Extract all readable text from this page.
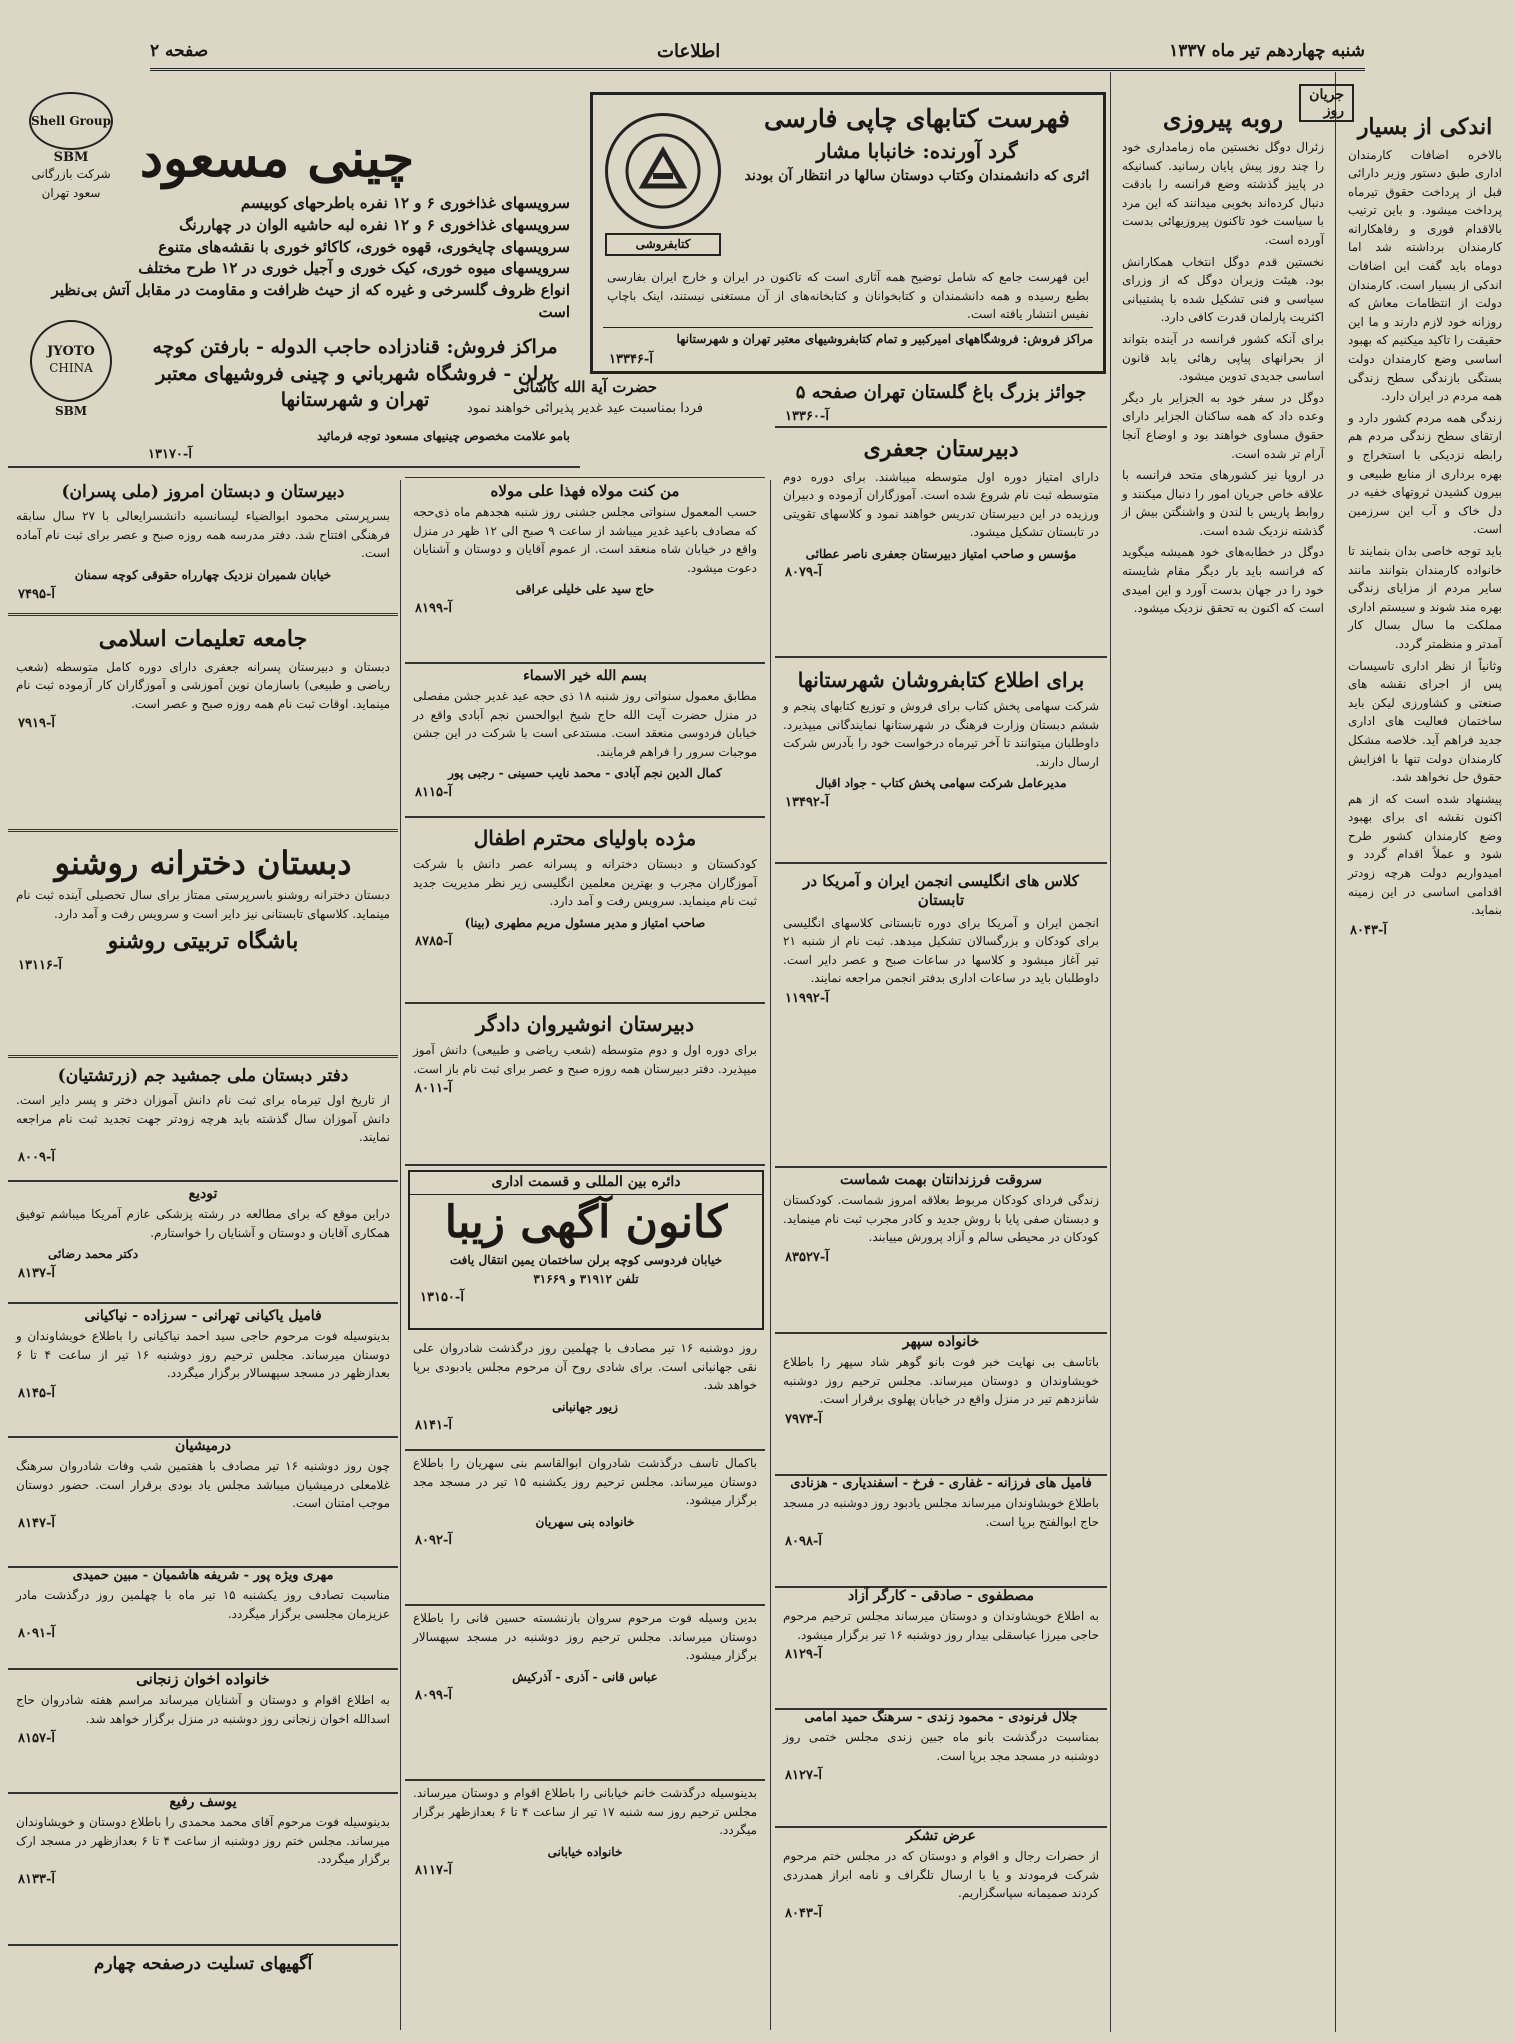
شنبه چهاردهم تیر ماه ۱۳۳۷
اطلاعات
صفحه ۲
جریان روز
اندکی از بسیار

بالاخره اضافات کارمندان اداری طبق دستور وزیر دارائی قبل از پرداخت حقوق تیرماه پرداخت میشود. و باین ترتیب بالاقدام فوری و رفاهکارانه کارمندان برداشته شد اما دوماه باید گفت این اضافات اندکی از بسیار است. کارمندان دولت از انتظامات معاش که روزانه خود لازم دارند و ما این حقیقت را تاکید میکنیم که بهبود اساسی وضع کارمندان دولت بستگی بازندگی سطح زندگی همه مردم در ایران دارد.

زندگی همه مردم کشور دارد و ارتقای سطح زندگی مردم هم رابطه نزدیکی با استخراج و بهره برداری از منابع طبیعی و بیرون کشیدن ثروتهای خفیه در دل خاک و آب این سرزمین است.

باید توجه خاصی بدان بنمایند تا خانواده کارمندان بتوانند مانند سایر مردم از مزایای زندگی بهره مند شوند و سیستم اداری مملکت ما سال بسال کار آمدتر و منظمتر گردد.

وثانیاً از نظر اداری تاسیسات پس از اجرای نقشه های صنعتی و کشاورزی لیکن باید ساختمان فعالیت های اداری جدید فراهم آید. خلاصه مشکل کارمندان دولت تنها با افزایش حقوق حل نخواهد شد.

پیشنهاد شده است که از هم اکنون نقشه ای برای بهبود وضع کارمندان کشور طرح شود و عملاً اقدام گردد و امیدواریم دولت هرچه زودتر اقدامی اساسی در این زمینه بنماید.

آ-۸۰۴۳
روبه پیروزی

زئرال دوگل نخستین ماه زمامداری خود را چند روز پیش پایان رسانید. کسانیکه در پاییز گذشته وضع فرانسه را بادقت دنبال کرده‌اند بخوبی میدانند که این مرد با سیاست خود تاکنون پیروزیهائی بدست آورده است.

نخستین قدم دوگل انتخاب همکارانش بود. هیئت وزیران دوگل که از وزرای سیاسی و فنی تشکیل شده با پشتیبانی اکثریت پارلمان قدرت کافی دارد.

برای آنکه کشور فرانسه در آینده بتواند از بحرانهای پیاپی رهائی یابد قانون اساسی جدیدی تدوین میشود.

دوگل در سفر خود به الجزایر بار دیگر وعده داد که همه ساکنان الجزایر دارای حقوق مساوی خواهند بود و اوضاع آنجا آرام تر شده است.

در اروپا نیز کشورهای متحد فرانسه با علاقه خاص جریان امور را دنبال میکنند و روابط پاریس با لندن و واشنگتن بیش از گذشته نزدیک شده است.

دوگل در خطابه‌های خود همیشه میگوید که فرانسه باید بار دیگر مقام شایسته خود را در جهان بدست آورد و این امیدی است که اکنون به تحقق نزدیک میشود.

کتابفروشی
فهرست کتابهای چاپی فارسی
گرد آورنده: خانبابا مشار
اثری که دانشمندان وکتاب دوستان سالها در انتظار آن بودند

این فهرست جامع که شامل توضیح همه آثاری است که تاکنون در ایران و خارج ایران بفارسی بطبع رسیده و همه دانشمندان و کتابخوانان و کتابخانه‌های از آن مستغنی نیستند، اینک باچاپ نفیس انتشار یافته است.

مراکز فروش: فروشگاههای امیرکبیر و تمام کتابفروشیهای معتبر تهران و شهرستانها
آ-۱۳۳۴۶
Shell Group
SBM
شرکت بازرگانی سعود تهران
چینی مسعود
سرویسهای غذاخوری ۶ و ۱۲ نفره باطرحهای کوبیسم
سرویسهای غذاخوری ۶ و ۱۲ نفره لبه حاشیه الوان در چهاررنگ
سرویسهای چایخوری، قهوه خوری، کاکائو خوری با نقشه‌های متنوع
سرویسهای میوه خوری، کیک خوری و آجیل خوری در ۱۲ طرح مختلف
انواع ظروف گلسرخی و غیره که از حیث ظرافت و مقاومت در مقابل آتش بی‌نظیر است
JYOTO
CHINA
SBM
مراکز فروش: قنادزاده حاجب الدوله - بارفتن کوچه برلن - فروشگاه شهرباني و چینی فروشیهای معتبر تهران و شهرستانها
بامو علامت مخصوص چینیهای مسعود توجه فرمائید
آ-۱۳۱۷۰
جوائز بزرگ باغ گلستان تهران صفحه ۵
آ-۱۳۳۶۰
حضرت آیة الله کاشانی

فردا بمناسبت عید غدیر پذیرائی خواهند نمود

دبیرستان و دبستان امروز (ملی پسران)

بسرپرستی محمود ابوالضیاء لیسانسیه دانشسرایعالی با ۲۷ سال سابقه فرهنگی افتتاح شد. دفتر مدرسه همه روزه صبح و عصر برای ثبت نام آماده است.

خیابان شمیران نزدیک چهارراه حقوقی کوچه سمنان
آ-۷۴۹۵
جامعه تعلیمات اسلامی

دبستان و دبیرستان پسرانه جعفری دارای دوره کامل متوسطه (شعب ریاضی و طبیعی) باسازمان نوین آموزشی و آموزگاران کار آزموده ثبت نام مینماید. اوقات ثبت نام همه روزه صبح و عصر است.

آ-۷۹۱۹
دبستان دخترانه روشنو

دبستان دخترانه روشنو باسرپرستی ممتاز برای سال تحصیلی آینده ثبت نام مینماید. کلاسهای تابستانی نیز دایر است و سرویس رفت و آمد دارد.

باشگاه تربیتی روشنو
آ-۱۳۱۱۶
دفتر دبستان ملی جمشید جم (زرتشتیان)

از تاریخ اول تیرماه برای ثبت نام دانش آموزان دختر و پسر دایر است. دانش آموزان سال گذشته باید هرچه زودتر جهت تجدید ثبت نام مراجعه نمایند.

آ-۸۰۰۹
تودیع

دراین موقع که برای مطالعه در رشته پزشکی عازم آمریکا میباشم توفیق همکاری آقایان و دوستان و آشنایان را خواستارم.

دکتر محمد رضائی
آ-۸۱۳۷
فامیل یاکیانی تهرانی - سرزاده - نیاکیانی

بدینوسیله فوت مرحوم حاجی سید احمد نیاکیانی را باطلاع خویشاوندان و دوستان میرساند. مجلس ترحیم روز دوشنبه ۱۶ تیر از ساعت ۴ تا ۶ بعدازظهر در مسجد سپهسالار برگزار میگردد.

آ-۸۱۴۵
درمیشیان

چون روز دوشنبه ۱۶ تیر مصادف با هفتمین شب وفات شادروان سرهنگ غلامعلی درمیشیان میباشد مجلس یاد بودی برقرار است. حضور دوستان موجب امتنان است.

آ-۸۱۴۷
مهری ویژه پور - شریفه هاشمیان - مبین حمیدی

مناسبت تصادف روز یکشنبه ۱۵ تیر ماه با چهلمین روز درگذشت مادر عزیزمان مجلسی برگزار میگردد.

آ-۸۰۹۱
خانواده اخوان زنجانی

به اطلاع اقوام و دوستان و آشنایان میرساند مراسم هفته شادروان حاج اسدالله اخوان زنجانی روز دوشنبه در منزل برگزار خواهد شد.

آ-۸۱۵۷
یوسف رفیع

بدینوسیله فوت مرحوم آقای محمد محمدی را باطلاع دوستان و خویشاوندان میرساند. مجلس ختم روز دوشنبه از ساعت ۴ تا ۶ بعدازظهر در مسجد ارک برگزار میگردد.

آ-۸۱۳۳
آگهیهای تسلیت درصفحه چهارم
من کنت مولاه فهذا علی مولاه

حسب المعمول سنواتی مجلس جشنی روز شنبه هجدهم ماه ذی‌حجه که مصادف باعید غدیر میباشد از ساعت ۹ صبح الی ۱۲ ظهر در منزل واقع در خیابان شاه منعقد است. از عموم آقایان و دوستان و آشنایان دعوت میشود.

حاج سید علی خلیلی عراقی
آ-۸۱۹۹
بسم الله خیر الاسماء

مطابق معمول سنواتی روز شنبه ۱۸ ذی حجه عید غدیر جشن مفصلی در منزل حضرت آیت الله حاج شیخ ابوالحسن نجم آبادی واقع در خیابان فردوسی منعقد است. مستدعی است با شرکت در این جشن موجبات سرور را فراهم فرمایند.

کمال الدین نجم آبادی - محمد نایب حسینی - رجبی پور
آ-۸۱۱۵
مژده باولیای محترم اطفال

کودکستان و دبستان دخترانه و پسرانه عصر دانش با شرکت آموزگاران مجرب و بهترین معلمین انگلیسی زیر نظر مدیریت جدید ثبت نام مینماید. سرویس رفت و آمد دارد.

صاحب امتیاز و مدیر مسئول مریم مطهری (بینا)
آ-۸۷۸۵
دبیرستان انوشیروان دادگر

برای دوره اول و دوم متوسطه (شعب ریاضی و طبیعی) دانش آموز میپذیرد. دفتر دبیرستان همه روزه صبح و عصر برای ثبت نام باز است.

آ-۸۰۱۱
دائره بین المللی و قسمت اداری
کانون آگهی زیبا
خیابان فردوسی کوچه برلن ساختمان یمین انتقال یافت
تلفن ۳۱۹۱۲ و ۳۱۶۶۹
آ-۱۳۱۵۰

روز دوشنبه ۱۶ تیر مصادف با چهلمین روز درگذشت شادروان علی نقی جهانبانی است. برای شادی روح آن مرحوم مجلس یادبودی برپا خواهد شد.

زیور جهانبانی
آ-۸۱۴۱

باکمال تاسف درگذشت شادروان ابوالقاسم بنی سهریان را باطلاع دوستان میرساند. مجلس ترحیم روز یکشنبه ۱۵ تیر در مسجد مجد برگزار میشود.

خانواده بنی سهریان
آ-۸۰۹۲

بدین وسیله فوت مرحوم سروان بازنشسته حسین قانی را باطلاع دوستان میرساند. مجلس ترحیم روز دوشنبه در مسجد سپهسالار برگزار میشود.

عباس قانی - آذری - آذرکیش
آ-۸۰۹۹

بدینوسیله درگذشت خانم خیابانی را باطلاع اقوام و دوستان میرساند. مجلس ترحیم روز سه شنبه ۱۷ تیر از ساعت ۴ تا ۶ بعدازظهر برگزار میگردد.

خانواده خیابانی
آ-۸۱۱۷
دبیرستان جعفری

دارای امتیاز دوره اول متوسطه میباشند. برای دوره دوم متوسطه ثبت نام شروع شده است. آموزگاران آزموده و دبیران ورزیده در این دبیرستان تدریس خواهند نمود و کلاسهای تقویتی در تابستان تشکیل میشود.

مؤسس و صاحب امتیاز دبیرستان جعفری ناصر عطائی
آ-۸۰۷۹
برای اطلاع کتابفروشان شهرستانها

شرکت سهامی پخش کتاب برای فروش و توزیع کتابهای پنجم و ششم دبستان وزارت فرهنگ در شهرستانها نمایندگانی میپذیرد. داوطلبان میتوانند تا آخر تیرماه درخواست خود را بآدرس شرکت ارسال دارند.

مدیرعامل شرکت سهامی پخش کتاب - جواد اقبال
آ-۱۳۴۹۲
کلاس های انگلیسی انجمن ایران و آمریکا در تابستان

انجمن ایران و آمریکا برای دوره تابستانی کلاسهای انگلیسی برای کودکان و بزرگسالان تشکیل میدهد. ثبت نام از شنبه ۲۱ تیر آغاز میشود و کلاسها در ساعات صبح و عصر دایر است. داوطلبان باید در ساعات اداری بدفتر انجمن مراجعه نمایند.

آ-۱۱۹۹۲
سروقت فرزندانتان بهمت شماست

زندگی فردای کودکان مربوط بعلاقه امروز شماست. کودکستان و دبستان صفی پایا با روش جدید و کادر مجرب ثبت نام مینماید. کودکان در محیطی سالم و آزاد پرورش مییابند.

آ-۸۳۵۲۷
خانواده سپهر

باتاسف بی نهایت خبر فوت بانو گوهر شاد سپهر را باطلاع خویشاوندان و دوستان میرساند. مجلس ترحیم روز دوشنبه شانزدهم تیر در منزل واقع در خیابان پهلوی برقرار است.

آ-۷۹۷۳
فامیل های فرزانه - غفاری - فرخ - اسفندیاری - هزنادی

باطلاع خویشاوندان میرساند مجلس یادبود روز دوشنبه در مسجد حاج ابوالفتح برپا است.

آ-۸۰۹۸
مصطفوی - صادقی - کارگر آزاد

به اطلاع خویشاوندان و دوستان میرساند مجلس ترحیم مرحوم حاجی میرزا عباسقلی بیدار روز دوشنبه ۱۶ تیر برگزار میشود.

آ-۸۱۲۹
جلال فرنودی - محمود زندی - سرهنگ حمید امامی

بمناسبت درگذشت بانو ماه جبین زندی مجلس ختمی روز دوشنبه در مسجد مجد برپا است.

آ-۸۱۲۷
عرض تشکر

از حضرات رجال و اقوام و دوستان که در مجلس ختم مرحوم شرکت فرمودند و یا با ارسال تلگراف و نامه ابراز همدردی کردند صمیمانه سپاسگزاریم.

آ-۸۰۴۳
